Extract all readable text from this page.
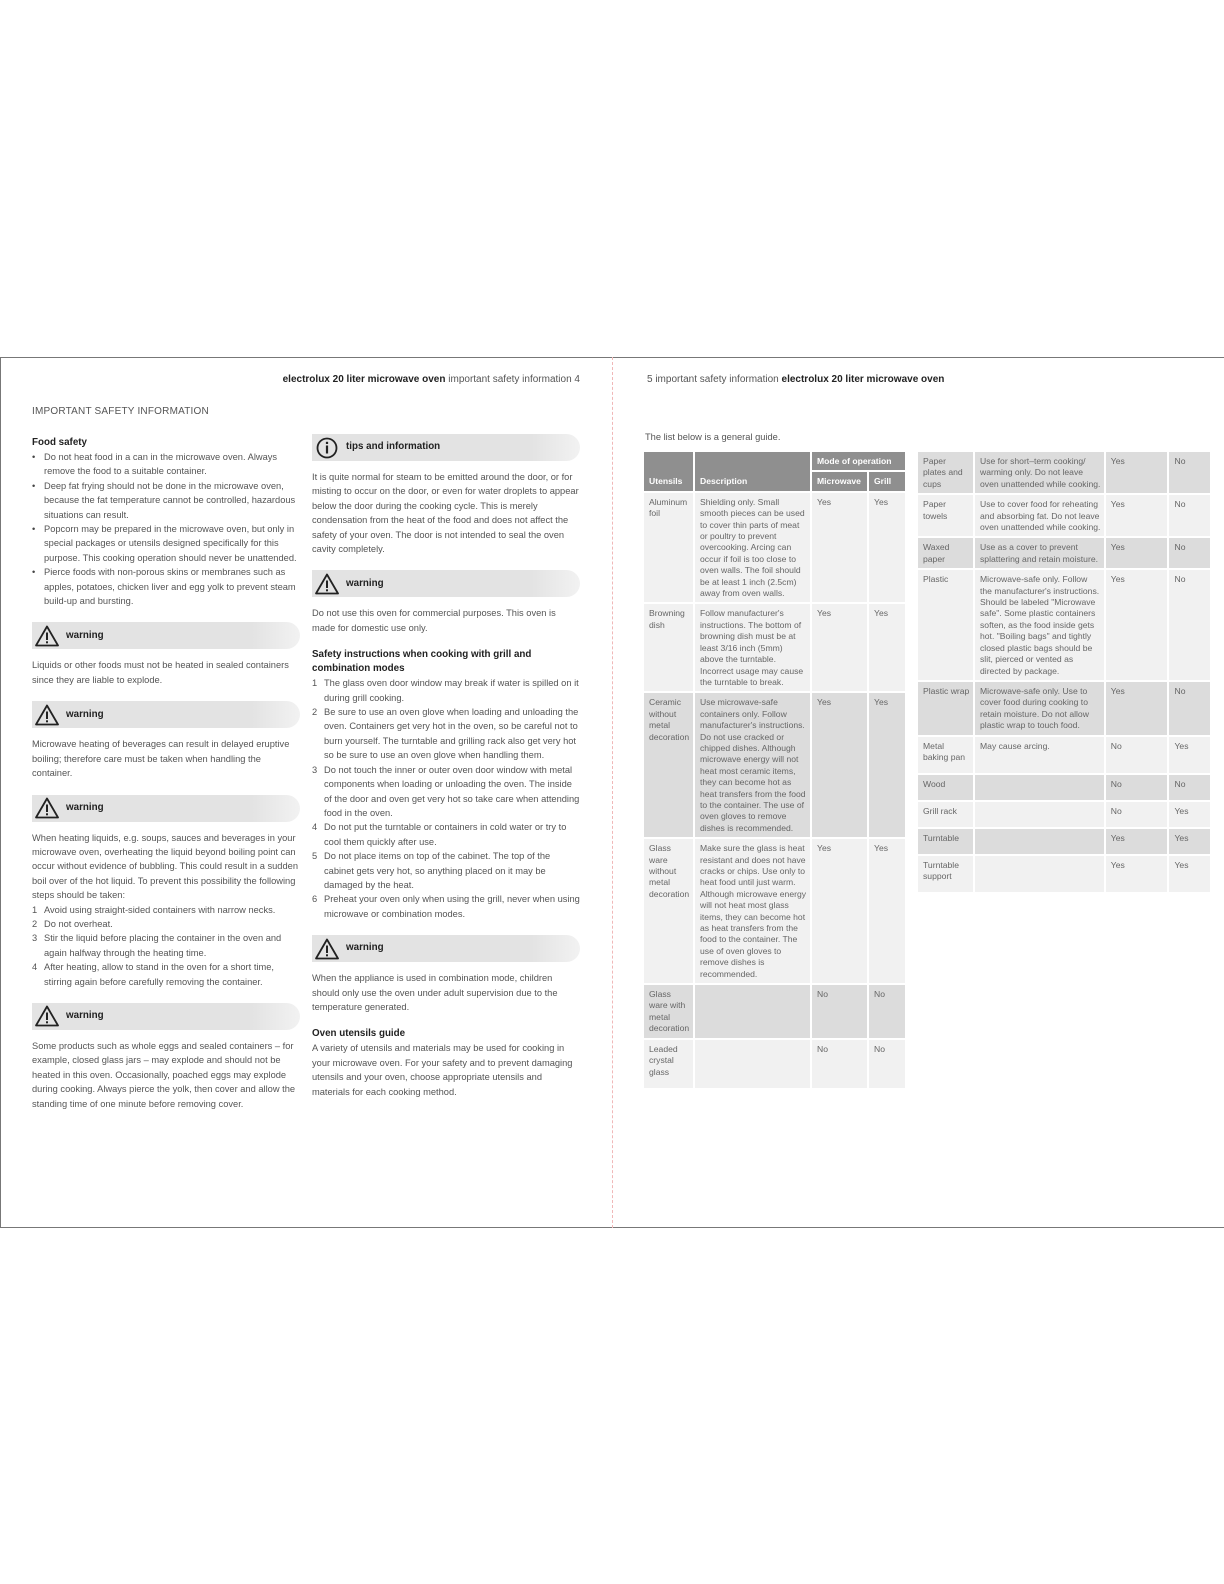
electrolux 20 liter microwave oven important safety information 4	5 important safety information electrolux 20 liter microwave oven
IMPORTANT SAFETY INFORMATION
Food safety
• Do not heat food in a can in the microwave oven. Always remove the food to a suitable container.
• Deep fat frying should not be done in the microwave oven, because the fat temperature cannot be controlled, hazardous situations can result.
• Popcorn may be prepared in the microwave oven, but only in special packages or utensils designed specifically for this purpose. This cooking operation should never be unattended.
• Pierce foods with non-porous skins or membranes such as apples, potatoes, chicken liver and egg yolk to prevent steam build-up and bursting.
warning

Liquids or other foods must not be heated in sealed containers since they are liable to explode.

warning

Microwave heating of beverages can result in delayed eruptive boiling; therefore care must be taken when handling the container.

warning

When heating liquids, e.g. soups, sauces and beverages in your microwave oven, overheating the liquid beyond boiling point can occur without evidence of bubbling. This could result in a sudden boil over of the hot liquid. To prevent this possibility the following steps should be taken:

1 Avoid using straight-sided containers with narrow necks.
2 Do not overheat.
3 Stir the liquid before placing the container in the oven and again halfway through the heating time.
4 After heating, allow to stand in the oven for a short time, stirring again before carefully removing the container.
warning

Some products such as whole eggs and sealed containers – for example, closed glass jars – may explode and should not be heated in this oven. Occasionally, poached eggs may explode during cooking. Always pierce the yolk, then cover and allow the standing time of one minute before removing cover.

tips and information

It is quite normal for steam to be emitted around the door, or for misting to occur on the door, or even for water droplets to appear below the door during the cooking cycle. This is merely condensation from the heat of the food and does not affect the safety of your oven. The door is not intended to seal the oven cavity completely.

warning

Do not use this oven for commercial purposes. This oven is made for domestic use only.

Safety instructions when cooking with grill and combination modes
1 The glass oven door window may break if water is spilled on it during grill cooking.
2 Be sure to use an oven glove when loading and unloading the oven. Containers get very hot in the oven, so be careful not to burn yourself. The turntable and grilling rack also get very hot so be sure to use an oven glove when handling them.
3 Do not touch the inner or outer oven door window with metal components when loading or unloading the oven. The inside of the door and oven get very hot so take care when attending food in the oven.
4 Do not put the turntable or containers in cold water or try to cool them quickly after use.
5 Do not place items on top of the cabinet. The top of the cabinet gets very hot, so anything placed on it may be damaged by the heat.
6 Preheat your oven only when using the grill, never when using microwave or combination modes.
warning

When the appliance is used in combination mode, children should only use the oven under adult supervision due to the temperature generated.

Oven utensils guide

A variety of utensils and materials may be used for cooking in your microwave oven. For your safety and to prevent damaging utensils and your oven, choose appropriate utensils and materials for each cooking method.

The list below is a general guide.
Utensils	Description	Mode of operation	
		Microwave	Grill
Aluminum foil	Shielding only. Small smooth pieces can be used to cover thin parts of meat or poultry to prevent overcooking. Arcing can occur if foil is too close to oven walls. The foil should be at least 1 inch (2.5cm) away from oven walls.	Yes	Yes
Browning dish	Follow manufacturer's instructions. The bottom of browning dish must be at least 3/16 inch (5mm) above the turntable. Incorrect usage may cause the turntable to break.	Yes	Yes
Ceramic without metal decoration	Use microwave-safe containers only. Follow manufacturer's instructions. Do not use cracked or chipped dishes. Although microwave energy will not heat most ceramic items, they can become hot as heat transfers from the food to the container. The use of oven gloves to remove dishes is recommended.	Yes	Yes
Glass ware without metal decoration	Make sure the glass is heat resistant and does not have cracks or chips. Use only to heat food until just warm. Although microwave energy will not heat most glass items, they can become hot as heat transfers from the food to the container. The use of oven gloves to remove dishes is recommended.	Yes	Yes
Glass ware with metal decoration		No	No
Leaded crystal glass		No	No
Paper plates and cups	Use for short–term cooking/ warming only. Do not leave oven unattended while cooking.	Yes	No
Paper towels	Use to cover food for reheating and absorbing fat. Do not leave oven unattended while cooking.	Yes	No
Waxed paper	Use as a cover to prevent splattering and retain moisture.	Yes	No
Plastic	Microwave-safe only. Follow the manufacturer's instructions. Should be labeled "Microwave safe". Some plastic containers soften, as the food inside gets hot. "Boiling bags" and tightly closed plastic bags should be slit, pierced or vented as directed by package.	Yes	No
Plastic wrap	Microwave-safe only. Use to cover food during cooking to retain moisture. Do not allow plastic wrap to touch food.	Yes	No
Metal baking pan	May cause arcing.	No	Yes
Wood		No	No
Grill rack		No	Yes
Turntable		Yes	Yes
Turntable support		Yes	Yes
